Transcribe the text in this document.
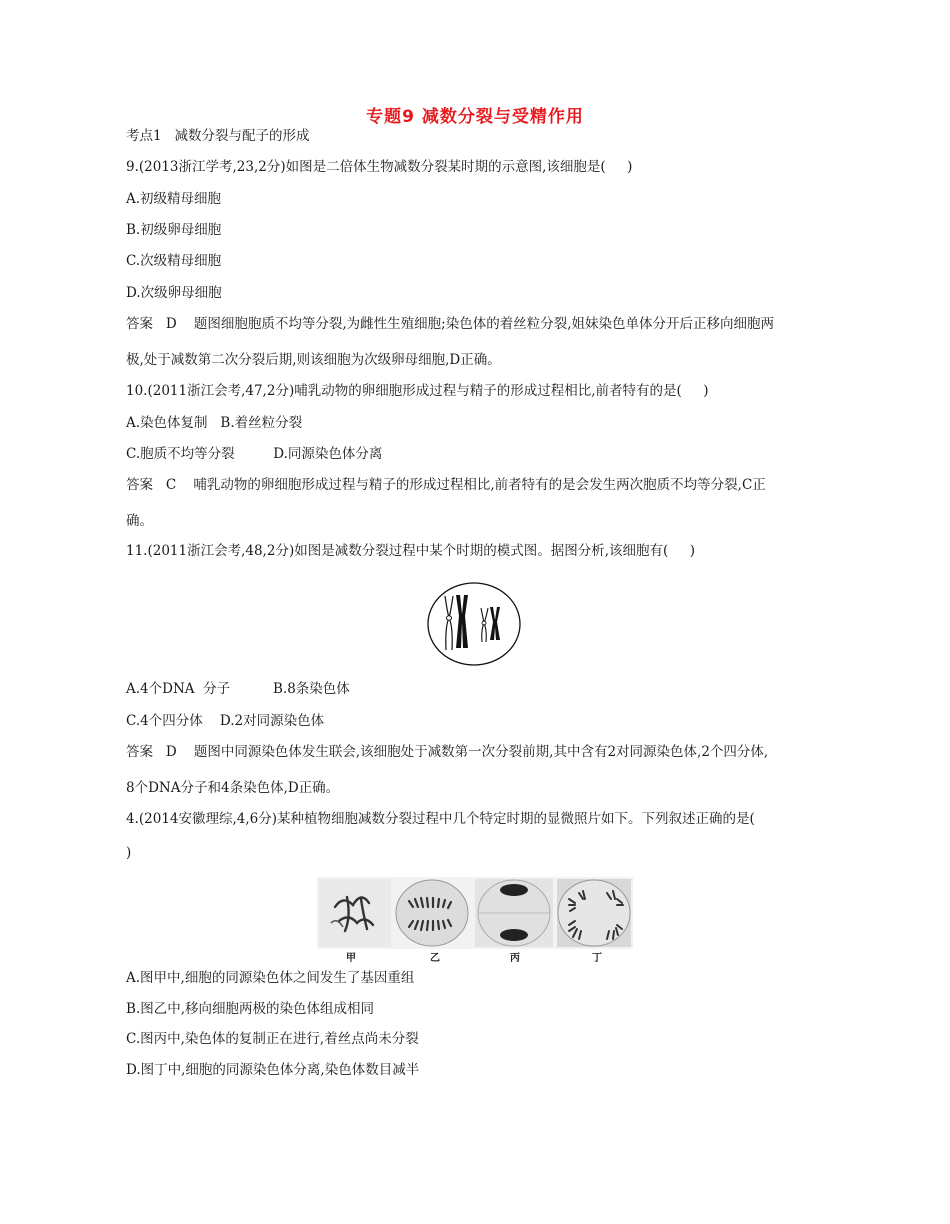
专题9 减数分裂与受精作用
考点1   减数分裂与配子的形成
9.(2013浙江学考,23,2分)如图是二倍体生物减数分裂某时期的示意图,该细胞是(     )
A.初级精母细胞
B.初级卵母细胞
C.次级精母细胞
D.次级卵母细胞
答案   D    题图细胞胞质不均等分裂,为雌性生殖细胞;染色体的着丝粒分裂,姐妹染色单体分开后正移向细胞两
极,处于减数第二次分裂后期,则该细胞为次级卵母细胞,D正确。
10.(2011浙江会考,47,2分)哺乳动物的卵细胞形成过程与精子的形成过程相比,前者特有的是(     )
A.染色体复制   B.着丝粒分裂
C.胞质不均等分裂         D.同源染色体分离
答案   C    哺乳动物的卵细胞形成过程与精子的形成过程相比,前者特有的是会发生两次胞质不均等分裂,C正
确。
11.(2011浙江会考,48,2分)如图是减数分裂过程中某个时期的模式图。据图分析,该细胞有(     )
A.4个DNA  分子          B.8条染色体
C.4个四分体    D.2对同源染色体
答案   D    题图中同源染色体发生联会,该细胞处于减数第一次分裂前期,其中含有2对同源染色体,2个四分体,
8个DNA分子和4条染色体,D正确。
4.(2014安徽理综,4,6分)某种植物细胞减数分裂过程中几个特定时期的显微照片如下。下列叙述正确的是(
)
甲	乙	丙	丁
A.图甲中,细胞的同源染色体之间发生了基因重组
B.图乙中,移向细胞两极的染色体组成相同
C.图丙中,染色体的复制正在进行,着丝点尚未分裂
D.图丁中,细胞的同源染色体分离,染色体数目减半
